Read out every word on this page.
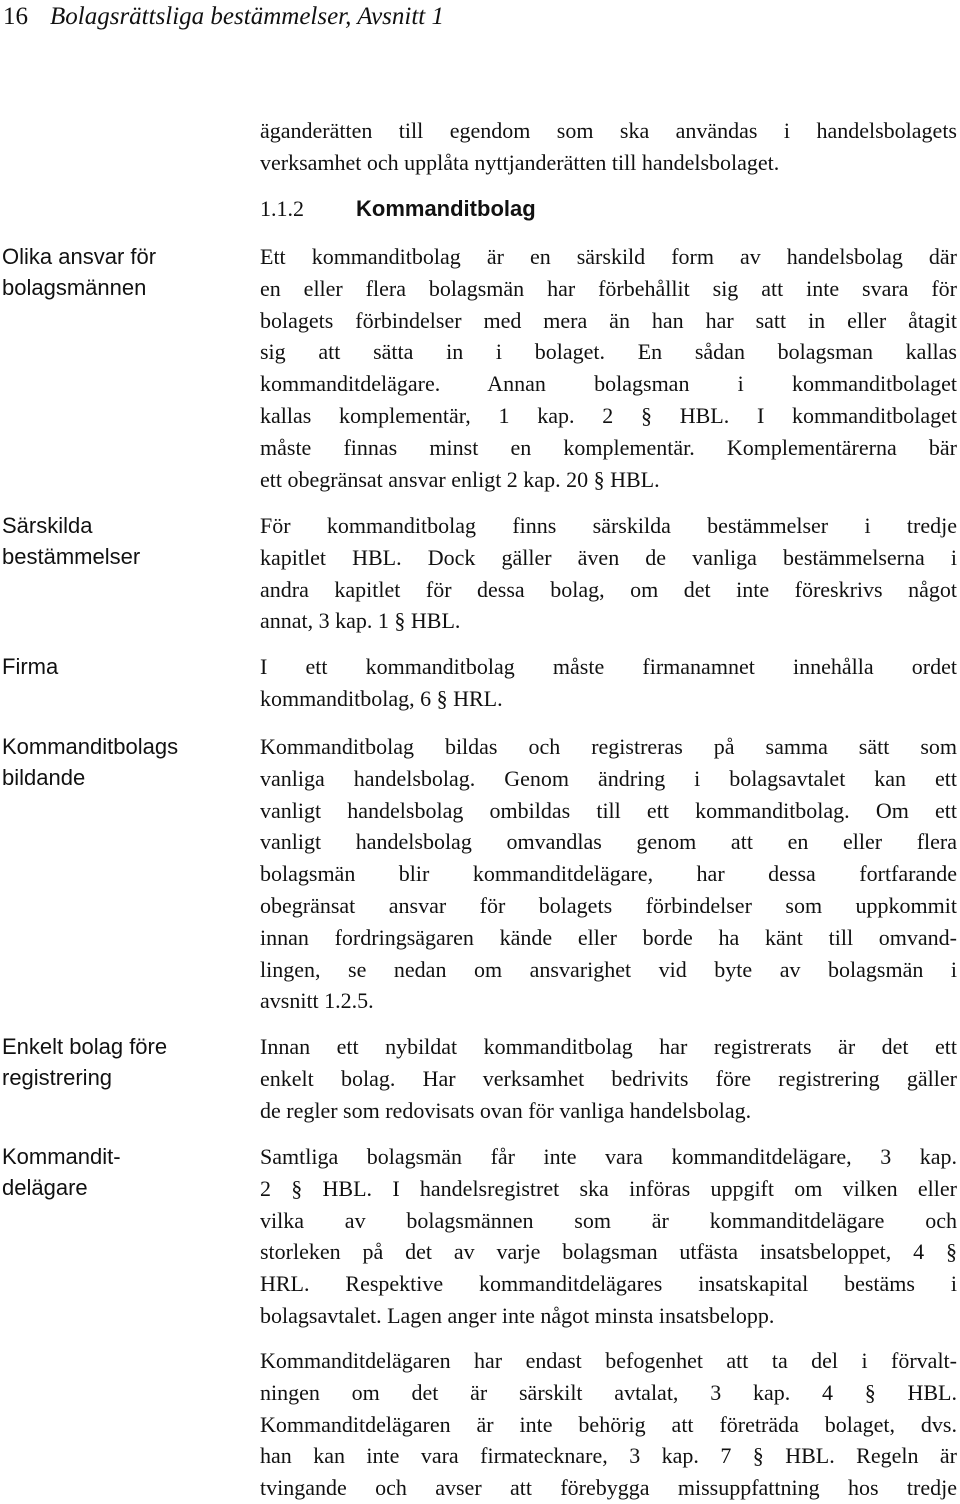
16 Bolagsrättsliga bestämmelser, Avsnitt 1
Olika ansvar för
bolagsmännen
Särskilda
bestämmelser
Firma
Kommanditbolags
bildande
Enkelt bolag före
registrering
Kommandit-
delägare
äganderätten till egendom som ska användas i handelsbolagets
verksamhet och upplåta nyttjanderätten till handelsbolaget.
1.1.2 Kommanditbolag
Ett kommanditbolag är en särskild form av handelsbolag där
en eller flera bolagsmän har förbehållit sig att inte svara för
bolagets förbindelser med mera än han har satt in eller åtagit
sig att sätta in i bolaget. En sådan bolagsman kallas
kommanditdelägare. Annan bolagsman i kommanditbolaget
kallas komplementär, 1 kap. 2 § HBL. I kommanditbolaget
måste finnas minst en komplementär. Komplementärerna bär
ett obegränsat ansvar enligt 2 kap. 20 § HBL.
För kommanditbolag finns särskilda bestämmelser i tredje
kapitlet HBL. Dock gäller även de vanliga bestämmelserna i
andra kapitlet för dessa bolag, om det inte föreskrivs något
annat, 3 kap. 1 § HBL.
I ett kommanditbolag måste firmanamnet innehålla ordet
kommanditbolag, 6 § HRL.
Kommanditbolag bildas och registreras på samma sätt som
vanliga handelsbolag. Genom ändring i bolagsavtalet kan ett
vanligt handelsbolag ombildas till ett kommanditbolag. Om ett
vanligt handelsbolag omvandlas genom att en eller flera
bolagsmän blir kommanditdelägare, har dessa fortfarande
obegränsat ansvar för bolagets förbindelser som uppkommit
innan fordringsägaren kände eller borde ha känt till omvand-
lingen, se nedan om ansvarighet vid byte av bolagsmän i
avsnitt 1.2.5.
Innan ett nybildat kommanditbolag har registrerats är det ett
enkelt bolag. Har verksamhet bedrivits före registrering gäller
de regler som redovisats ovan för vanliga handelsbolag.
Samtliga bolagsmän får inte vara kommanditdelägare, 3 kap.
2 § HBL. I handelsregistret ska införas uppgift om vilken eller
vilka av bolagsmännen som är kommanditdelägare och
storleken på det av varje bolagsman utfästa insatsbeloppet, 4 §
HRL. Respektive kommanditdelägares insatskapital bestäms i
bolagsavtalet. Lagen anger inte något minsta insatsbelopp.
Kommanditdelägaren har endast befogenhet att ta del i förvalt-
ningen om det är särskilt avtalat, 3 kap. 4 § HBL.
Kommanditdelägaren är inte behörig att företräda bolaget, dvs.
han kan inte vara firmatecknare, 3 kap. 7 § HBL. Regeln är
tvingande och avser att förebygga missuppfattning hos tredje
